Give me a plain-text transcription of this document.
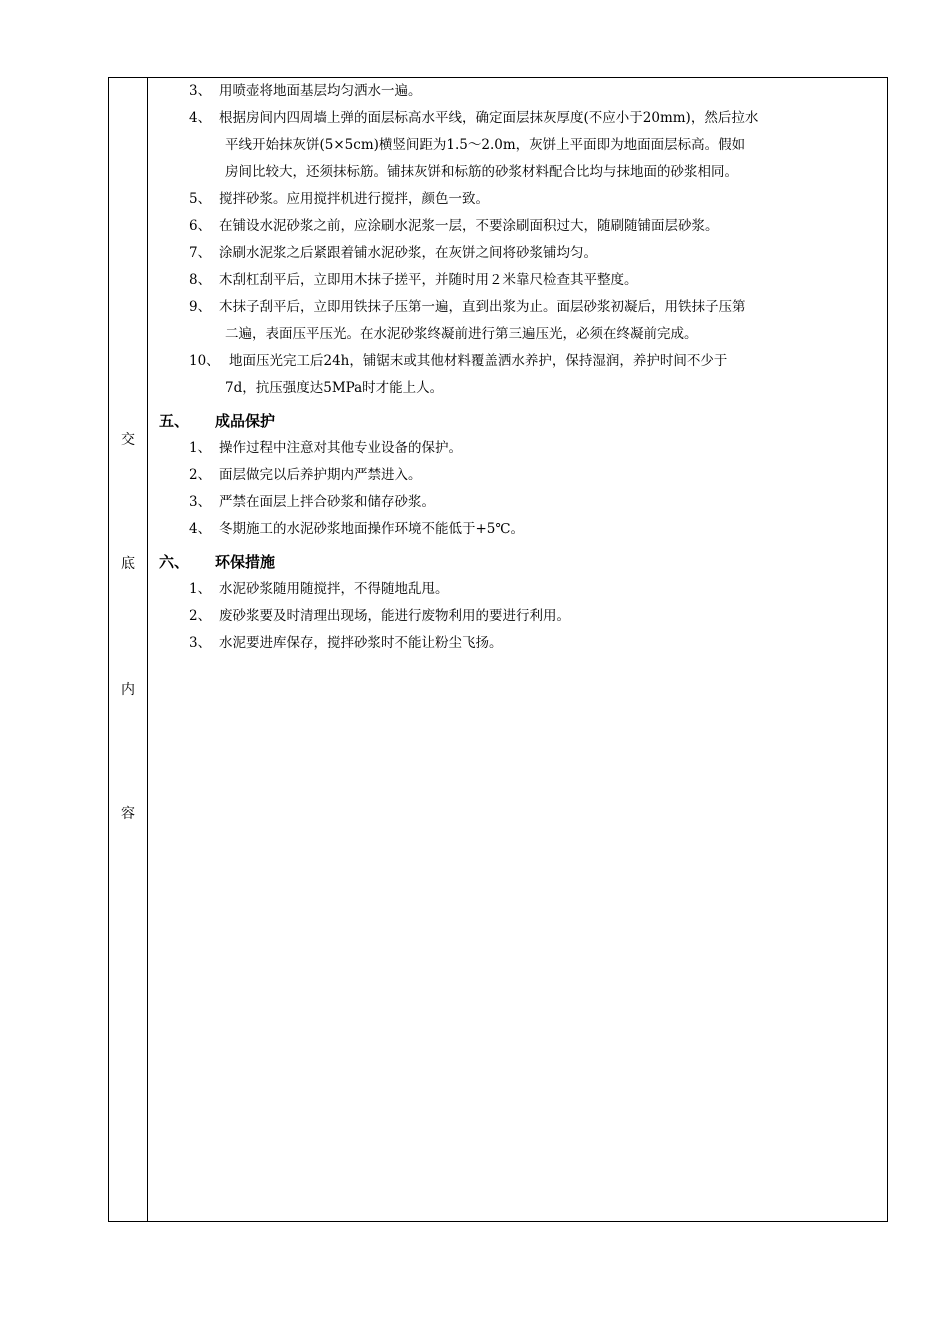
交
底
内
容
3、 用喷壶将地面基层均匀洒水一遍。
4、 根据房间内四周墙上弹的面层标高水平线，确定面层抹灰厚度(不应小于20mm)，然后拉水
平线开始抹灰饼(5×5cm)横竖间距为1.5～2.0m，灰饼上平面即为地面面层标高。假如
房间比较大，还须抹标筋。铺抹灰饼和标筋的砂浆材料配合比均与抹地面的砂浆相同。
5、 搅拌砂浆。应用搅拌机进行搅拌，颜色一致。
6、 在铺设水泥砂浆之前，应涂刷水泥浆一层，不要涂刷面积过大，随刷随铺面层砂浆。
7、 涂刷水泥浆之后紧跟着铺水泥砂浆，在灰饼之间将砂浆铺均匀。
8、 木刮杠刮平后，立即用木抹子搓平，并随时用２米靠尺检查其平整度。
9、 木抹子刮平后，立即用铁抹子压第一遍，直到出浆为止。面层砂浆初凝后，用铁抹子压第
二遍，表面压平压光。在水泥砂浆终凝前进行第三遍压光，必须在终凝前完成。
10、 地面压光完工后24h，铺锯末或其他材料覆盖洒水养护，保持湿润，养护时间不少于
7d，抗压强度达5MPa时才能上人。
五、 成品保护
1、 操作过程中注意对其他专业设备的保护。
2、 面层做完以后养护期内严禁进入。
3、 严禁在面层上拌合砂浆和储存砂浆。
4、 冬期施工的水泥砂浆地面操作环境不能低于+5℃。
六、 环保措施
1、 水泥砂浆随用随搅拌，不得随地乱甩。
2、 废砂浆要及时清理出现场，能进行废物利用的要进行利用。
3、 水泥要进库保存，搅拌砂浆时不能让粉尘飞扬。
